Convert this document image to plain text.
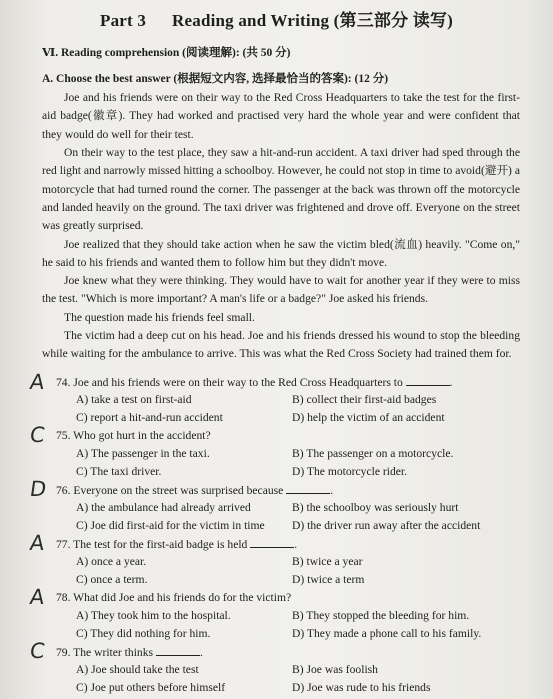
Part 3 Reading and Writing (第三部分 读写)
Ⅵ. Reading comprehension (阅读理解): (共 50 分)
A. Choose the best answer (根据短文内容, 选择最恰当的答案): (12 分)

Joe and his friends were on their way to the Red Cross Headquarters to take the test for the first-aid badge(徽章). They had worked and practised very hard the whole year and were confident that they would do well for their test.

On their way to the test place, they saw a hit-and-run accident. A taxi driver had sped through the red light and narrowly missed hitting a schoolboy. However, he could not stop in time to avoid(避开) a motorcycle that had turned round the corner. The passenger at the back was thrown off the motorcycle and landed heavily on the ground. The taxi driver was frightened and drove off. Everyone on the street was greatly surprised.

Joe realized that they should take action when he saw the victim bled(流血) heavily. "Come on," he said to his friends and wanted them to follow him but they didn't move.

Joe knew what they were thinking. They would have to wait for another year if they were to miss the test. "Which is more important? A man's life or a badge?" Joe asked his friends.

The question made his friends feel small.

The victim had a deep cut on his head. Joe and his friends dressed his wound to stop the bleeding while waiting for the ambulance to arrive. This was what the Red Cross Society had trained them for.

A 74. Joe and his friends were on their way to the Red Cross Headquarters to	.
A) take a test on first-aid	B) collect their first-aid badges
C) report a hit-and-run accident	D) help the victim of an accident
C 75. Who got hurt in the accident?
A) The passenger in the taxi.	B) The passenger on a motorcycle.
C) The taxi driver.	D) The motorcycle rider.
D 76. Everyone on the street was surprised because	.
A) the ambulance had already arrived	B) the schoolboy was seriously hurt
C) Joe did first-aid for the victim in time D) the driver run away after the accident
A 77. The test for the first-aid badge is held	.
A) once a year.	B) twice a year
C) once a term.	D) twice a term
A 78. What did Joe and his friends do for the victim?
A) They took him to the hospital.	B) They stopped the bleeding for him.
C) They did nothing for him.	D) They made a phone call to his family.
C 79. The writer thinks	.
A) Joe should take the test	B) Joe was foolish
C) Joe put others before himself	D) Joe was rude to his friends
